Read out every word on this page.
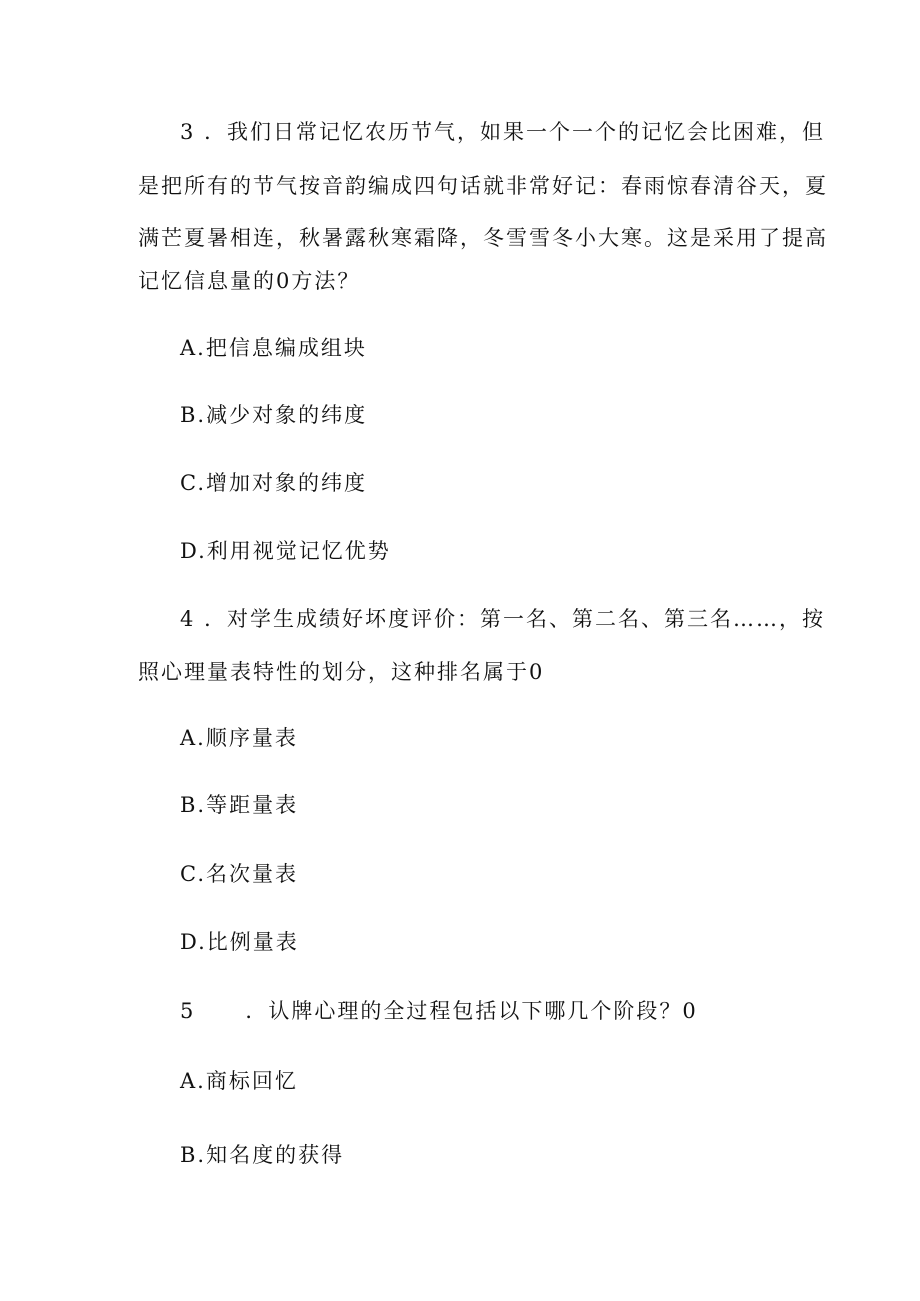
3 ．我们日常记忆农历节气，如果一个一个的记忆会比困难，但
是把所有的节气按音韵编成四句话就非常好记：春雨惊春清谷天，夏
满芒夏暑相连，秋暑露秋寒霜降，冬雪雪冬小大寒。这是采用了提高
记忆信息量的0方法？
A.把信息编成组块
B.减少对象的纬度
C.增加对象的纬度
D.利用视觉记忆优势
4 ．对学生成绩好坏度评价：第一名、第二名、第三名……，按
照心理量表特性的划分，这种排名属于0
A.顺序量表
B.等距量表
C.名次量表
D.比例量表
5 ．认牌心理的全过程包括以下哪几个阶段？0
A.商标回忆
B.知名度的获得
